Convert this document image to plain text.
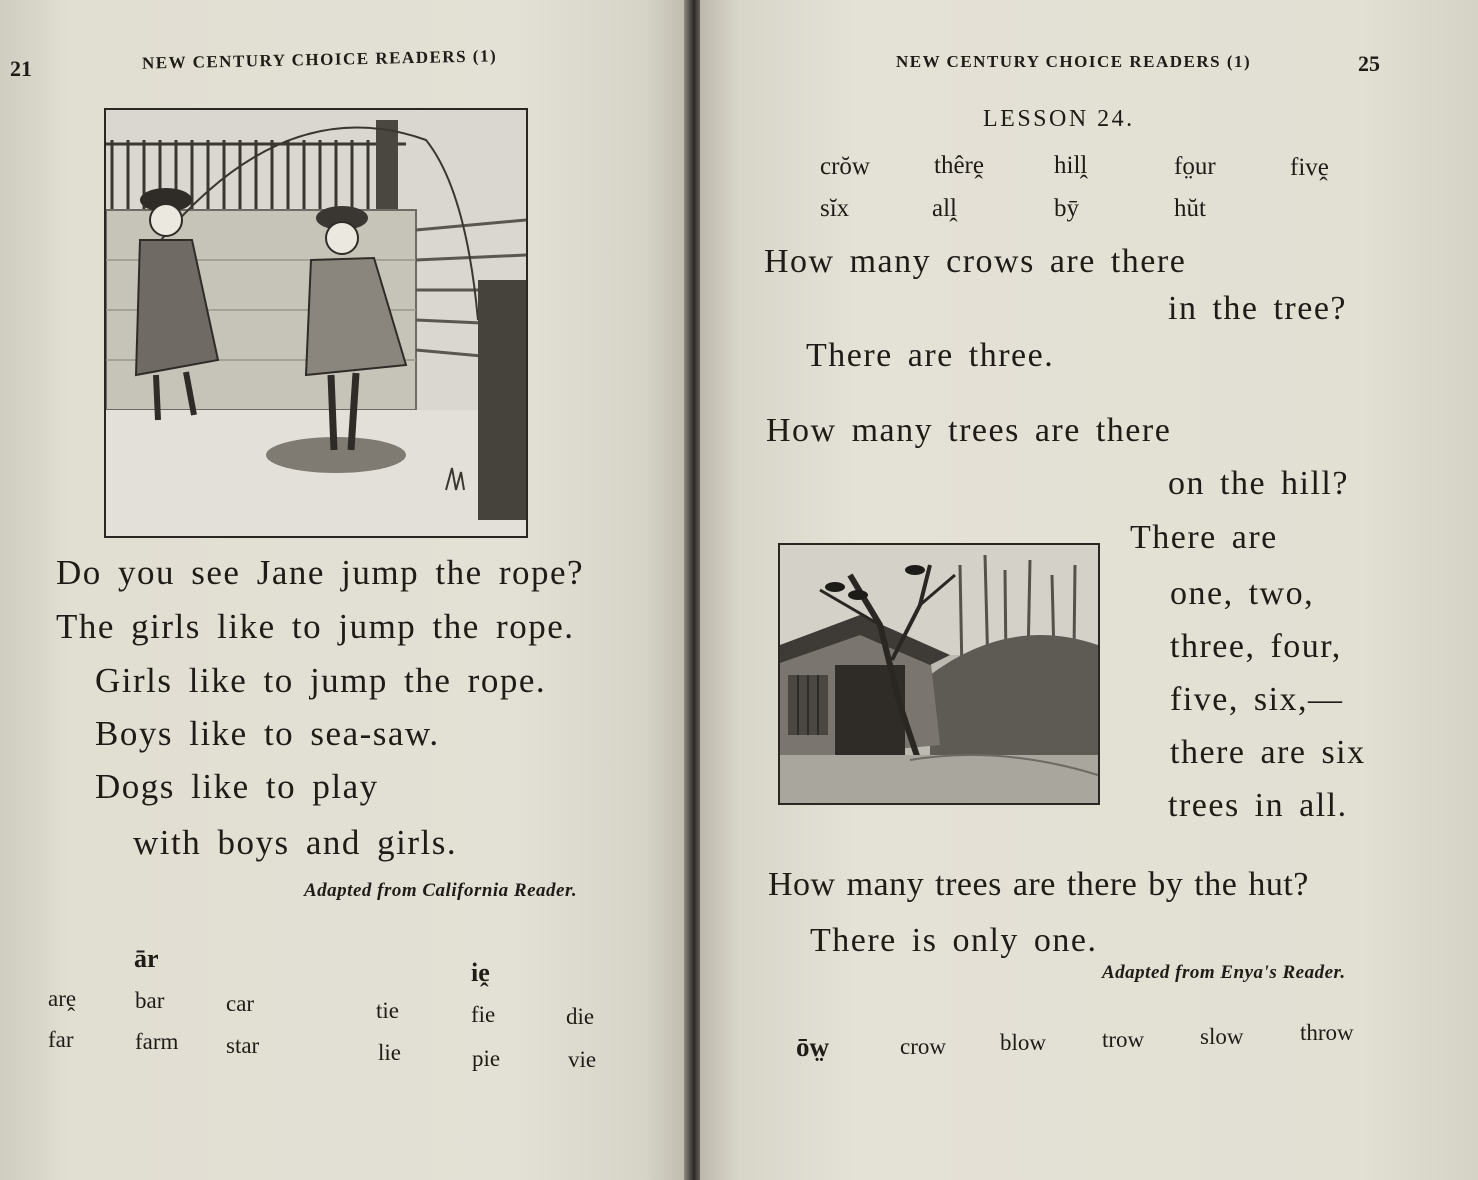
21	NEW CENTURY CHOICE READERS (1)
Do you see Jane jump the rope?
The girls like to jump the rope.
Girls like to jump the rope.
Boys like to sea-saw.
Dogs like to play
with boys and girls.
Adapted from California Reader.
ār
arḙ	bar	car
far	farm star
iḙ
tie	fie	die
lie	pie	vie
NEW CENTURY CHOICE READERS (1)	25
LESSON 24.
crŏw	thêrḙ	hilḽ	fo̤ur	fivḙ
sĭx	alḽ	bȳ	hŭt
How many crows are there
in the tree?
There are three.
How many trees are there
on the hill?
There are
one, two,
three, four,
five, six,—
there are six
trees in all.
How many trees are there by the hut?
There is only one.
Adapted from Enya's Reader.
ōw̤	crow blow trow slow throw
